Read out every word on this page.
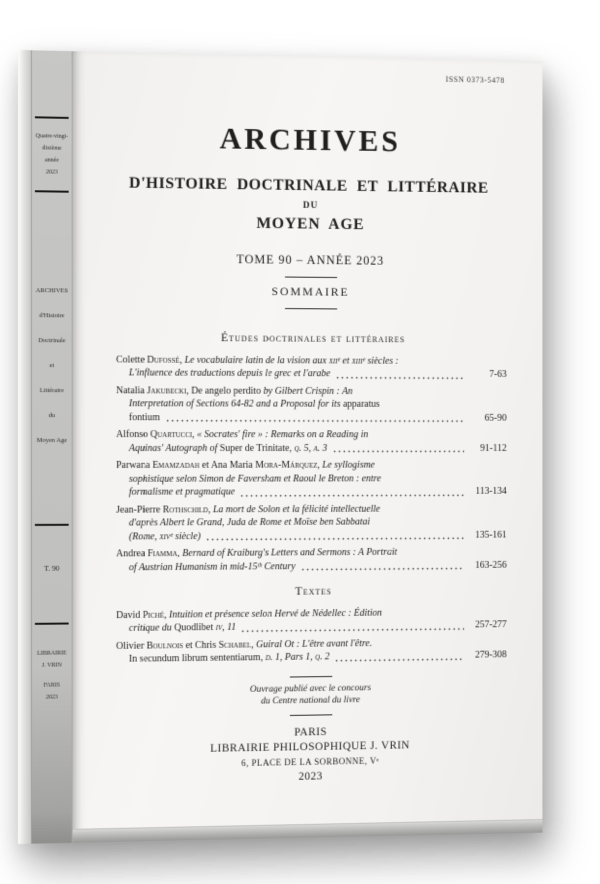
Quatre-vingt-
dixième
année
2023
ARCHIVES
d'Histoire
Doctrinale
et
Littéraire
du
Moyen Age
T. 90
LIBRAIRIE
J. VRIN
PARIS
2023
ISSN 0373-5478
ARCHIVES
D'HISTOIRE DOCTRINALE ET LITTÉRAIRE
DU
MOYEN AGE
TOME 90 – ANNÉE 2023
SOMMAIRE
Études doctrinales et littéraires
Colette Dufossé, Le vocabulaire latin de la vision aux xiiᵉ et xiiiᵉ siècles :
L'influence des traductions depuis le grec et l'arabe	7-63
Natalia Jakubecki, De angelo perdito by Gilbert Crispin : An
Interpretation of Sections 64-82 and a Proposal for its apparatus
fontium	65-90
Alfonso Quartucci, « Socrates' fire » : Remarks on a Reading in
Aquinas' Autograph of Super de Trinitate, q. 5, a. 3	91-112
Parwana Emamzadah et Ana Maria Mora-Márquez, Le syllogisme
sophistique selon Simon de Faversham et Raoul le Breton : entre
formalisme et pragmatique	113-134
Jean-Pierre Rothschild, La mort de Solon et la félicité intellectuelle
d'après Albert le Grand, Juda de Rome et Moïse ben Sabbatai
(Rome, xivᵉ siècle)	135-161
Andrea Fiamma, Bernard of Kraiburg's Letters and Sermons : A Portrait
of Austrian Humanism in mid-15ᵗʰ Century	163-256
Textes
David Piché, Intuition et présence selon Hervé de Nédellec : Édition
critique du Quodlibet iv, 11	257-277
Olivier Boulnois et Chris Schabel, Guiral Ot : L'être avant l'être.
In secundum librum sententiarum, d. 1, Pars 1, q. 2	279-308
Ouvrage publié avec le concours
du Centre national du livre
PARIS
LIBRAIRIE PHILOSOPHIQUE J. VRIN
6, PLACE DE LA SORBONNE, Vᵉ
2023
